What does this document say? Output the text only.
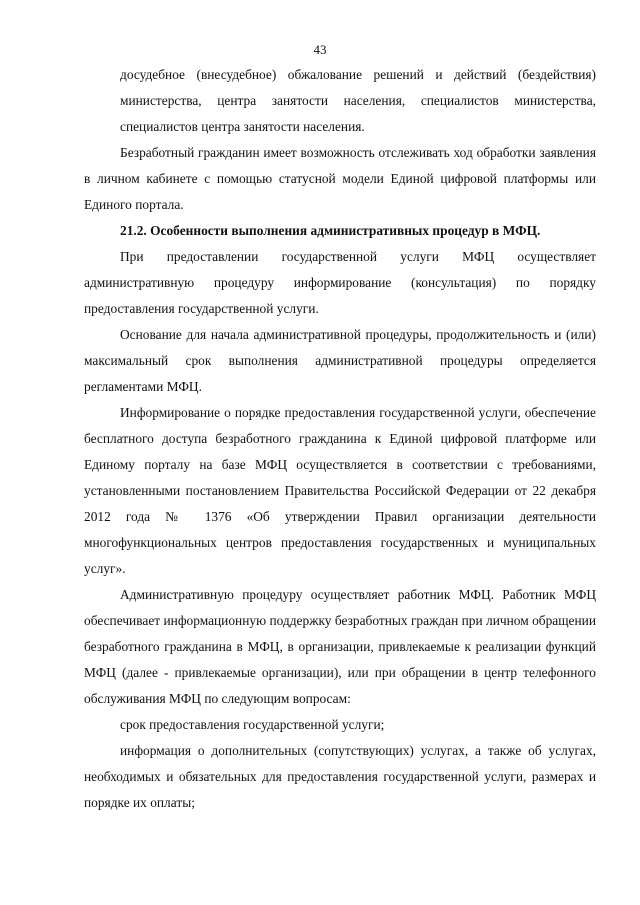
43

досудебное (внесудебное) обжалование решений и действий (бездействия) министерства, центра занятости населения, специалистов министерства, специалистов центра занятости населения.

Безработный гражданин имеет возможность отслеживать ход обработки заявления в личном кабинете с помощью статусной модели Единой цифровой платформы или Единого портала.

21.2. Особенности выполнения административных процедур в МФЦ.

При предоставлении государственной услуги МФЦ осуществляет административную процедуру информирование (консультация) по порядку предоставления государственной услуги.

Основание для начала административной процедуры, продолжительность и (или) максимальный срок выполнения административной процедуры определяется регламентами МФЦ.

Информирование о порядке предоставления государственной услуги, обеспечение бесплатного доступа безработного гражданина к Единой цифровой платформе или Единому порталу на базе МФЦ осуществляется в соответствии с требованиями, установленными постановлением Правительства Российской Федерации от 22 декабря 2012 года № 1376 «Об утверждении Правил организации деятельности многофункциональных центров предоставления государственных и муниципальных услуг».

Административную процедуру осуществляет работник МФЦ. Работник МФЦ обеспечивает информационную поддержку безработных граждан при личном обращении безработного гражданина в МФЦ, в организации, привлекаемые к реализации функций МФЦ (далее - привлекаемые организации), или при обращении в центр телефонного обслуживания МФЦ по следующим вопросам:

срок предоставления государственной услуги;

информация о дополнительных (сопутствующих) услугах, а также об услугах, необходимых и обязательных для предоставления государственной услуги, размерах и порядке их оплаты;
